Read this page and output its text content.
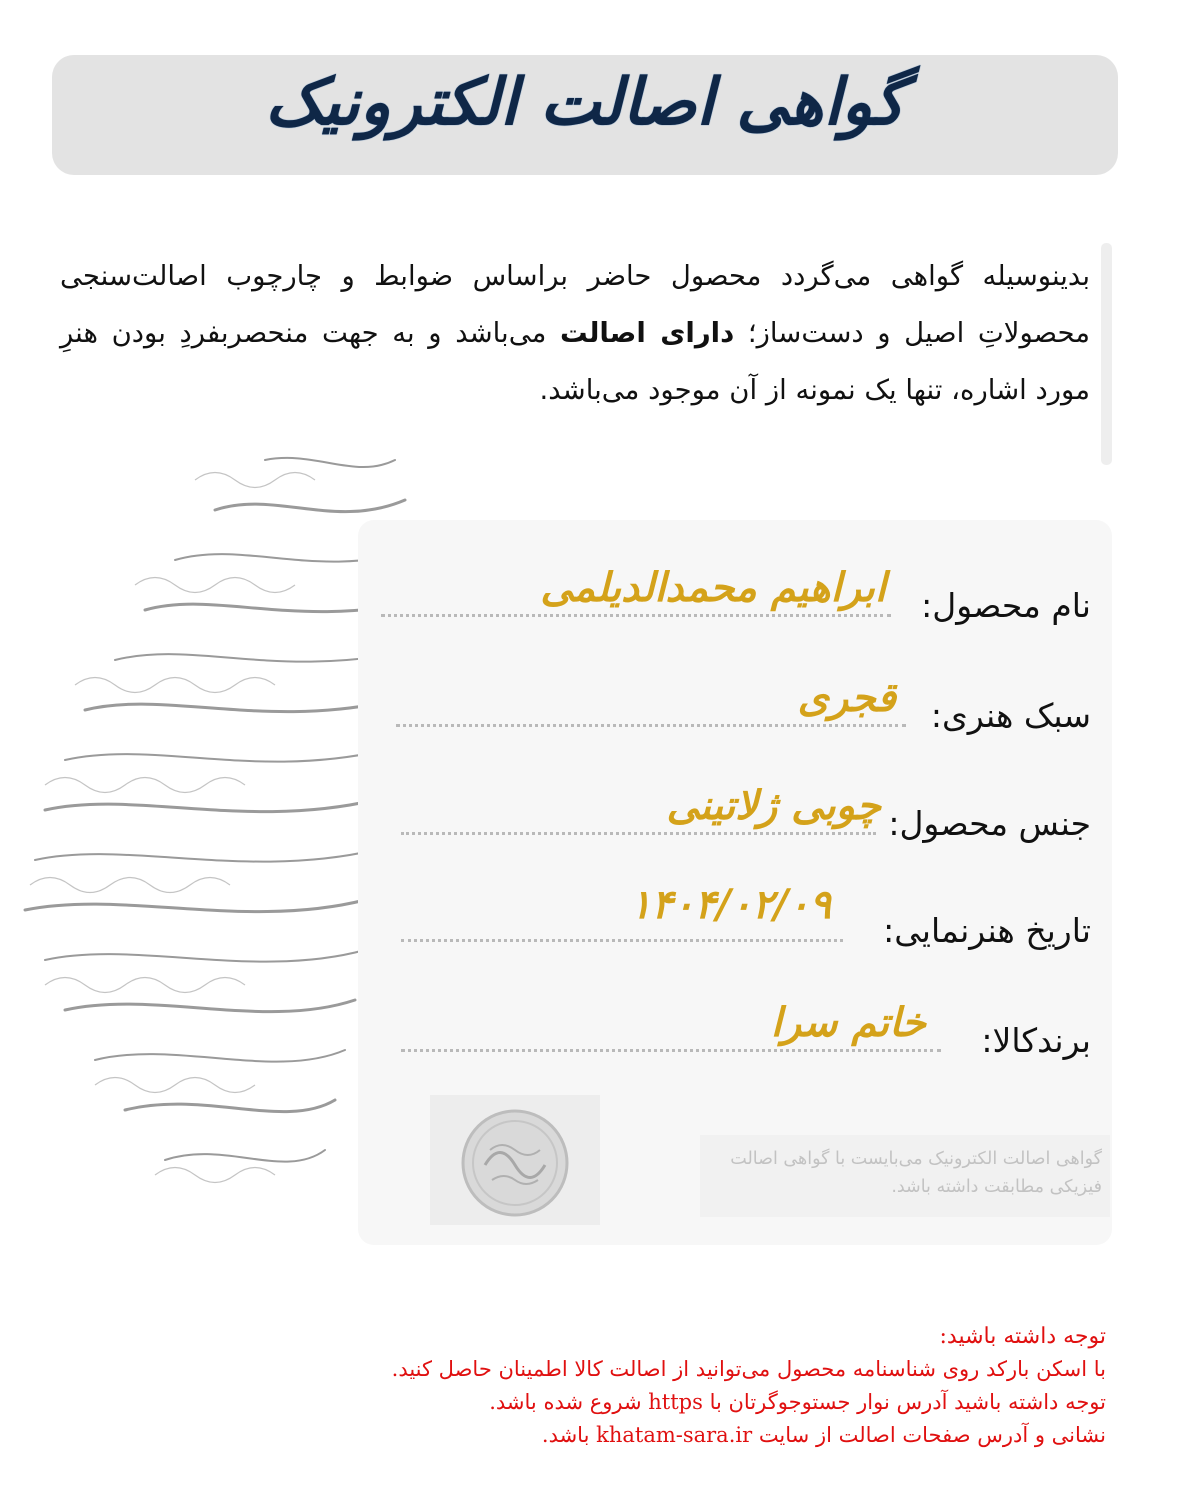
گواهی اصالت الکترونیک
بدینوسیله گواهی می‌گردد محصول حاضر براساس ضوابط و چارچوب اصالت‌سنجی محصولاتِ اصیل و دست‌ساز؛ دارای اصالت می‌باشد و به جهت منحصربفردِ بودن هنرِ مورد اشاره، تنها یک نمونه از آن موجود می‌باشد.
نام محصول:
ابراهیم محمدالدیلمی
سبک هنری:
قجری
جنس محصول:
چوبی ژلاتینی
تاریخ هنرنمایی:
۱۴۰۴/۰۲/۰۹
برندکالا:
خاتم سرا
گواهی اصالت الکترونیک می‌بایست با گواهی اصالت فیزیکی مطابقت داشته باشد.
توجه داشته باشید:
با اسکن بارکد روی شناسنامه محصول می‌توانید از اصالت کالا اطمینان حاصل کنید.
توجه داشته باشید آدرس نوار جستوجوگرتان با https شروع شده باشد.
نشانی و آدرس صفحات اصالت از سایت khatam-sara.ir باشد.
